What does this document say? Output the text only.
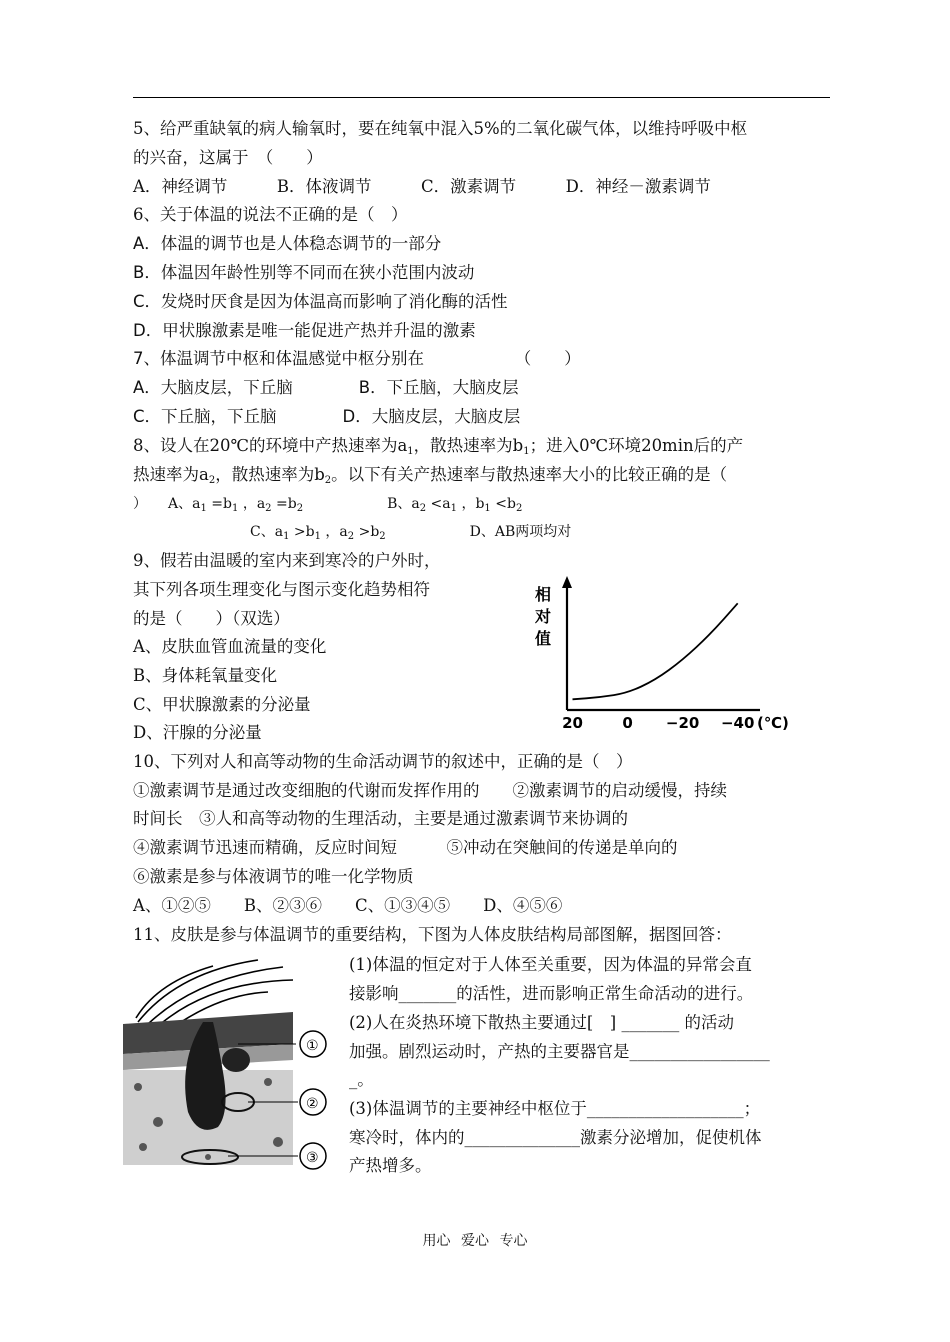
5、给严重缺氧的病人输氧时，要在纯氧中混入5%的二氧化碳气体，以维持呼吸中枢
的兴奋，这属于　（　　）
A．神经调节　　　B．体液调节　　　C．激素调节　　　D．神经－激素调节
6、关于体温的说法不正确的是（　）
A．体温的调节也是人体稳态调节的一部分
B．体温因年龄性别等不同而在狭小范围内波动
C．发烧时厌食是因为体温高而影响了消化酶的活性
D．甲状腺激素是唯一能促进产热并升温的激素
7、体温调节中枢和体温感觉中枢分别在　　　　　　（　　）
A．大脑皮层，下丘脑　　　　B．下丘脑，大脑皮层
C．下丘脑，下丘脑　　　　D．大脑皮层，大脑皮层
8、设人在20℃的环境中产热速率为$a_1$，散热速率为$b_1$；进入0℃环境20min后的产
热速率为$a_2$，散热速率为$b_2$。以下有关产热速率与散热速率大小的比较正确的是（
）　　A、$a_1 =b_1$ ，$a_2 =b_2$　　　　　　B、$a_2 <a_1$ ，$b_1 <b_2$
C、$a_1 >b_1$ ，$a_2 >b_2$　　　　　　D、AB两项均对
9、假若由温暖的室内来到寒冷的户外时，
其下列各项生理变化与图示变化趋势相符
的是（　　）（双选）
A、皮肤血管血流量的变化
B、身体耗氧量变化
C、甲状腺激素的分泌量
D、汗腺的分泌量
相对值
(℃)
20	0 −20 −40
10、下列对人和高等动物的生命活动调节的叙述中，正确的是（　）
①激素调节是通过改变细胞的代谢而发挥作用的　　②激素调节的启动缓慢，持续
时间长　③人和高等动物的生理活动，主要是通过激素调节来协调的
④激素调节迅速而精确，反应时间短　　　⑤冲动在突触间的传递是单向的
⑥激素是参与体液调节的唯一化学物质
A、①②⑤　　B、②③⑥　　C、①③④⑤　　D、④⑤⑥
11、皮肤是参与体温调节的重要结构，下图为人体皮肤结构局部图解，据图回答：
(1)体温的恒定对于人体至关重要，因为体温的异常会直
接影响_______的活性，进而影响正常生命活动的进行。
(2)人在炎热环境下散热主要通过[　] _______ 的活动
加强。剧烈运动时，产热的主要器官是_________________
_。
(3)体温调节的主要神经中枢位于___________________；
寒冷时，体内的______________激素分泌增加，促使机体
产热增多。
①
②
③
用心 爱心 专心
